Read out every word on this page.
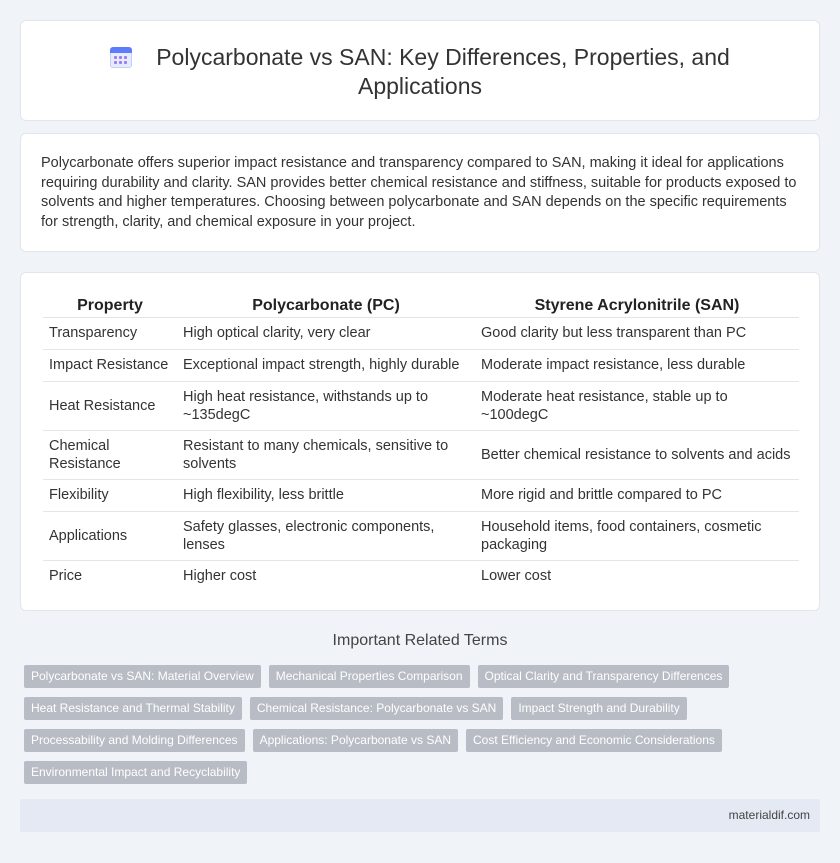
Polycarbonate vs SAN: Key Differences, Properties, and Applications

Polycarbonate offers superior impact resistance and transparency compared to SAN, making it ideal for applications requiring durability and clarity. SAN provides better chemical resistance and stiffness, suitable for products exposed to solvents and higher temperatures. Choosing between polycarbonate and SAN depends on the specific requirements for strength, clarity, and chemical exposure in your project.

Property	Polycarbonate (PC)	Styrene Acrylonitrile (SAN)
Transparency	High optical clarity, very clear	Good clarity but less transparent than PC
Impact Resistance	Exceptional impact strength, highly durable	Moderate impact resistance, less durable
Heat Resistance	High heat resistance, withstands up to ~135degC	Moderate heat resistance, stable up to ~100degC
Chemical Resistance	Resistant to many chemicals, sensitive to solvents	Better chemical resistance to solvents and acids
Flexibility	High flexibility, less brittle	More rigid and brittle compared to PC
Applications	Safety glasses, electronic components, lenses	Household items, food containers, cosmetic packaging
Price	Higher cost	Lower cost
Important Related Terms
Polycarbonate vs SAN: Material Overview	Mechanical Properties Comparison	Optical Clarity and Transparency Differences
Heat Resistance and Thermal Stability	Chemical Resistance: Polycarbonate vs SAN	Impact Strength and Durability
Processability and Molding Differences	Applications: Polycarbonate vs SAN	Cost Efficiency and Economic Considerations
Environmental Impact and Recyclability
materialdif.com
